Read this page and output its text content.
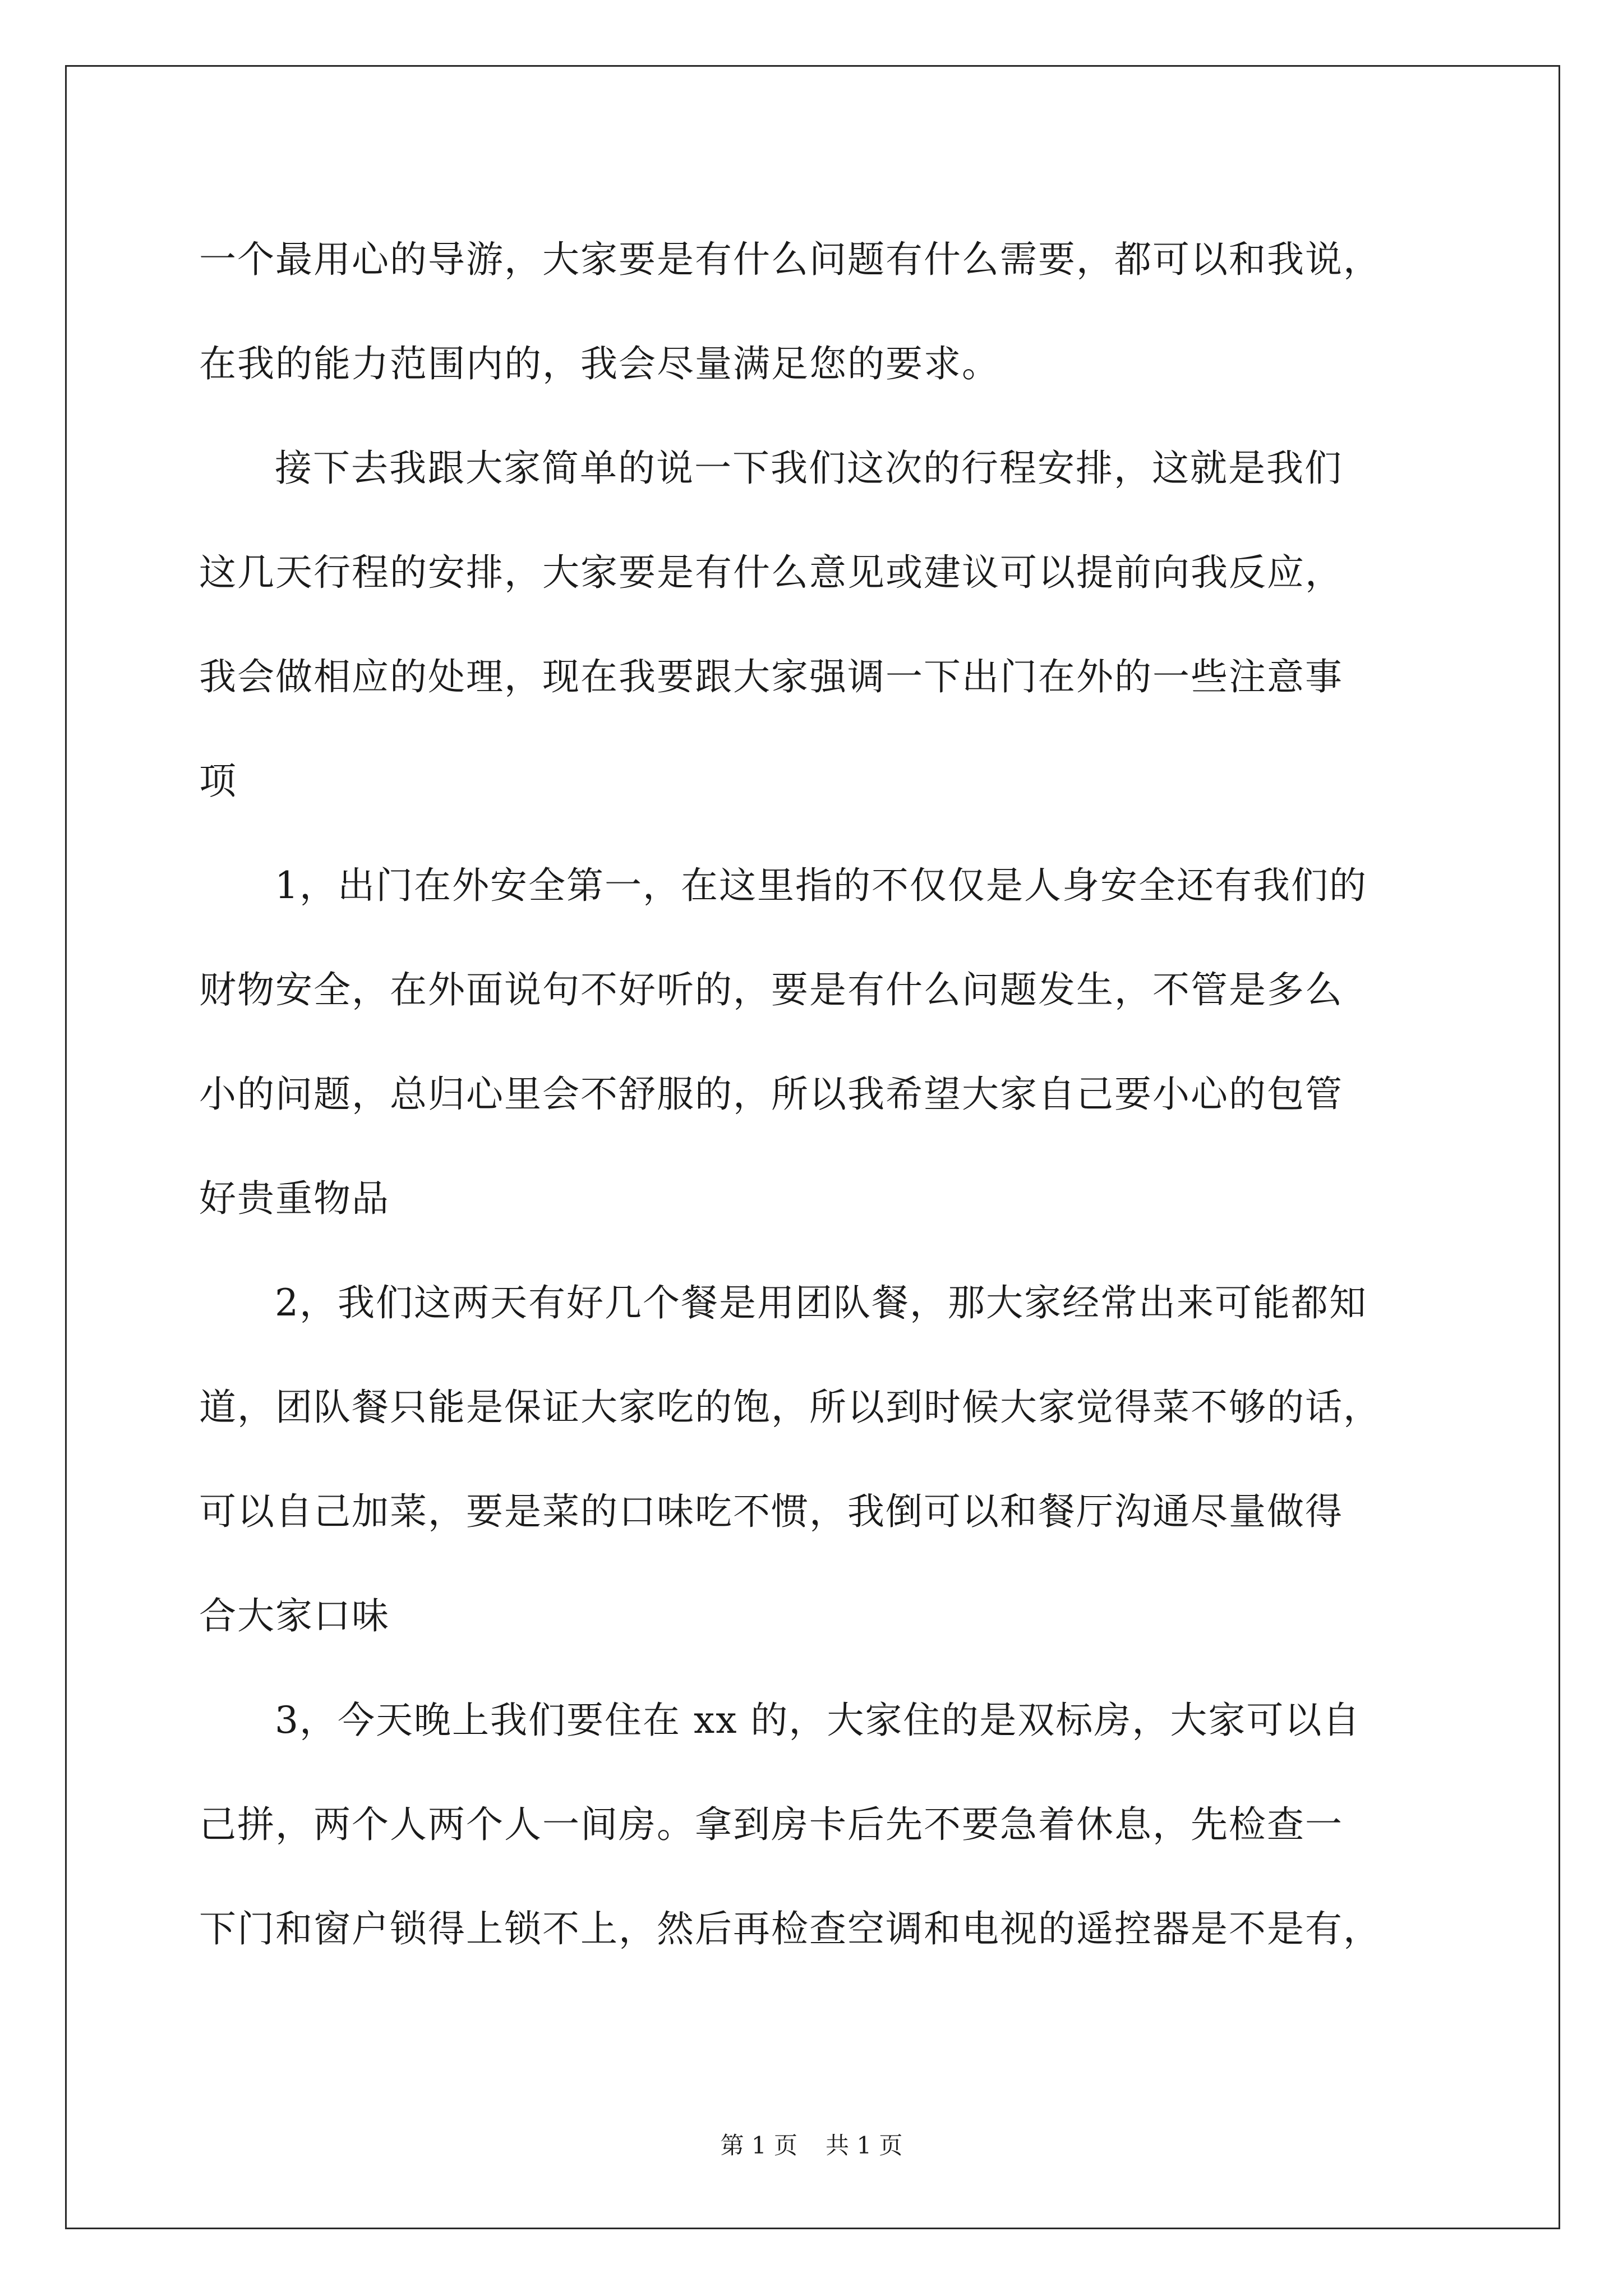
一个最用心的导游，大家要是有什么问题有什么需要，都可以和我说，
在我的能力范围内的，我会尽量满足您的要求。
接下去我跟大家简单的说一下我们这次的行程安排，这就是我们
这几天行程的安排，大家要是有什么意见或建议可以提前向我反应，
我会做相应的处理，现在我要跟大家强调一下出门在外的一些注意事
项
1，出门在外安全第一，在这里指的不仅仅是人身安全还有我们的
财物安全，在外面说句不好听的，要是有什么问题发生，不管是多么
小的问题，总归心里会不舒服的，所以我希望大家自己要小心的包管
好贵重物品
2，我们这两天有好几个餐是用团队餐，那大家经常出来可能都知
道，团队餐只能是保证大家吃的饱，所以到时候大家觉得菜不够的话，
可以自己加菜，要是菜的口味吃不惯，我倒可以和餐厅沟通尽量做得
合大家口味
3，今天晚上我们要住在 xx 的，大家住的是双标房，大家可以自
己拼，两个人两个人一间房。拿到房卡后先不要急着休息，先检查一
下门和窗户锁得上锁不上，然后再检查空调和电视的遥控器是不是有，
第 1 页 共 1 页
